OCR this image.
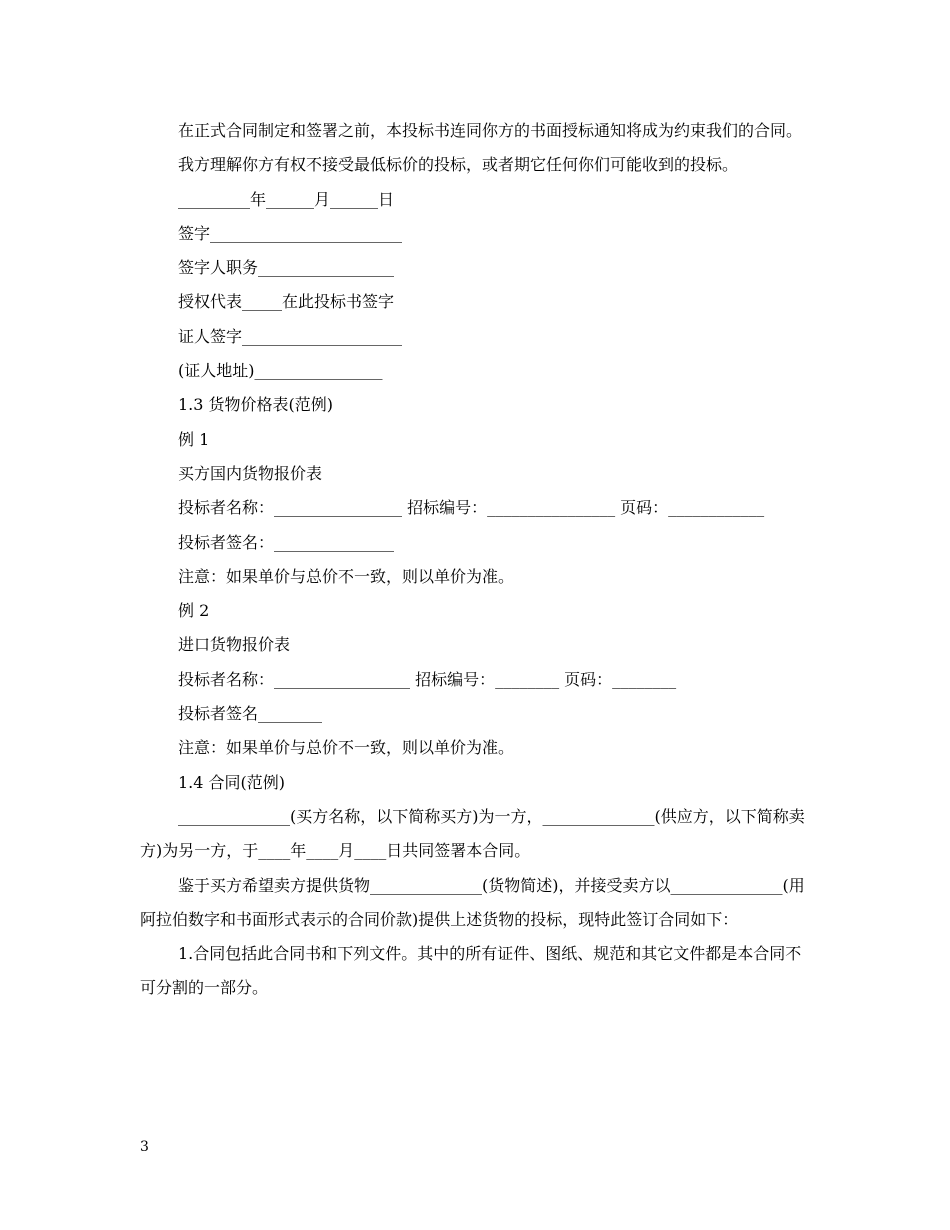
在正式合同制定和签署之前，本投标书连同你方的书面授标通知将成为约束我们的合同。

我方理解你方有权不接受最低标价的投标，或者期它任何你们可能收到的投标。

_________年______月______日

签字________________________

签字人职务_________________

授权代表_____在此投标书签字

证人签字____________________

(证人地址)________________

1.3 货物价格表(范例)

例 1

买方国内货物报价表

投标者名称：________________ 招标编号：________________ 页码：____________

投标者签名：_______________

注意：如果单价与总价不一致，则以单价为准。

例 2

进口货物报价表

投标者名称：_________________ 招标编号：________ 页码：________

投标者签名________

注意：如果单价与总价不一致，则以单价为准。

1.4 合同(范例)

______________(买方名称，以下简称买方)为一方，______________(供应方，以下简称卖方)为另一方，于____年____月____日共同签署本合同。

鉴于买方希望卖方提供货物______________(货物简述)，并接受卖方以______________(用阿拉伯数字和书面形式表示的合同价款)提供上述货物的投标，现特此签订合同如下：

1.合同包括此合同书和下列文件。其中的所有证件、图纸、规范和其它文件都是本合同不可分割的一部分。

3
